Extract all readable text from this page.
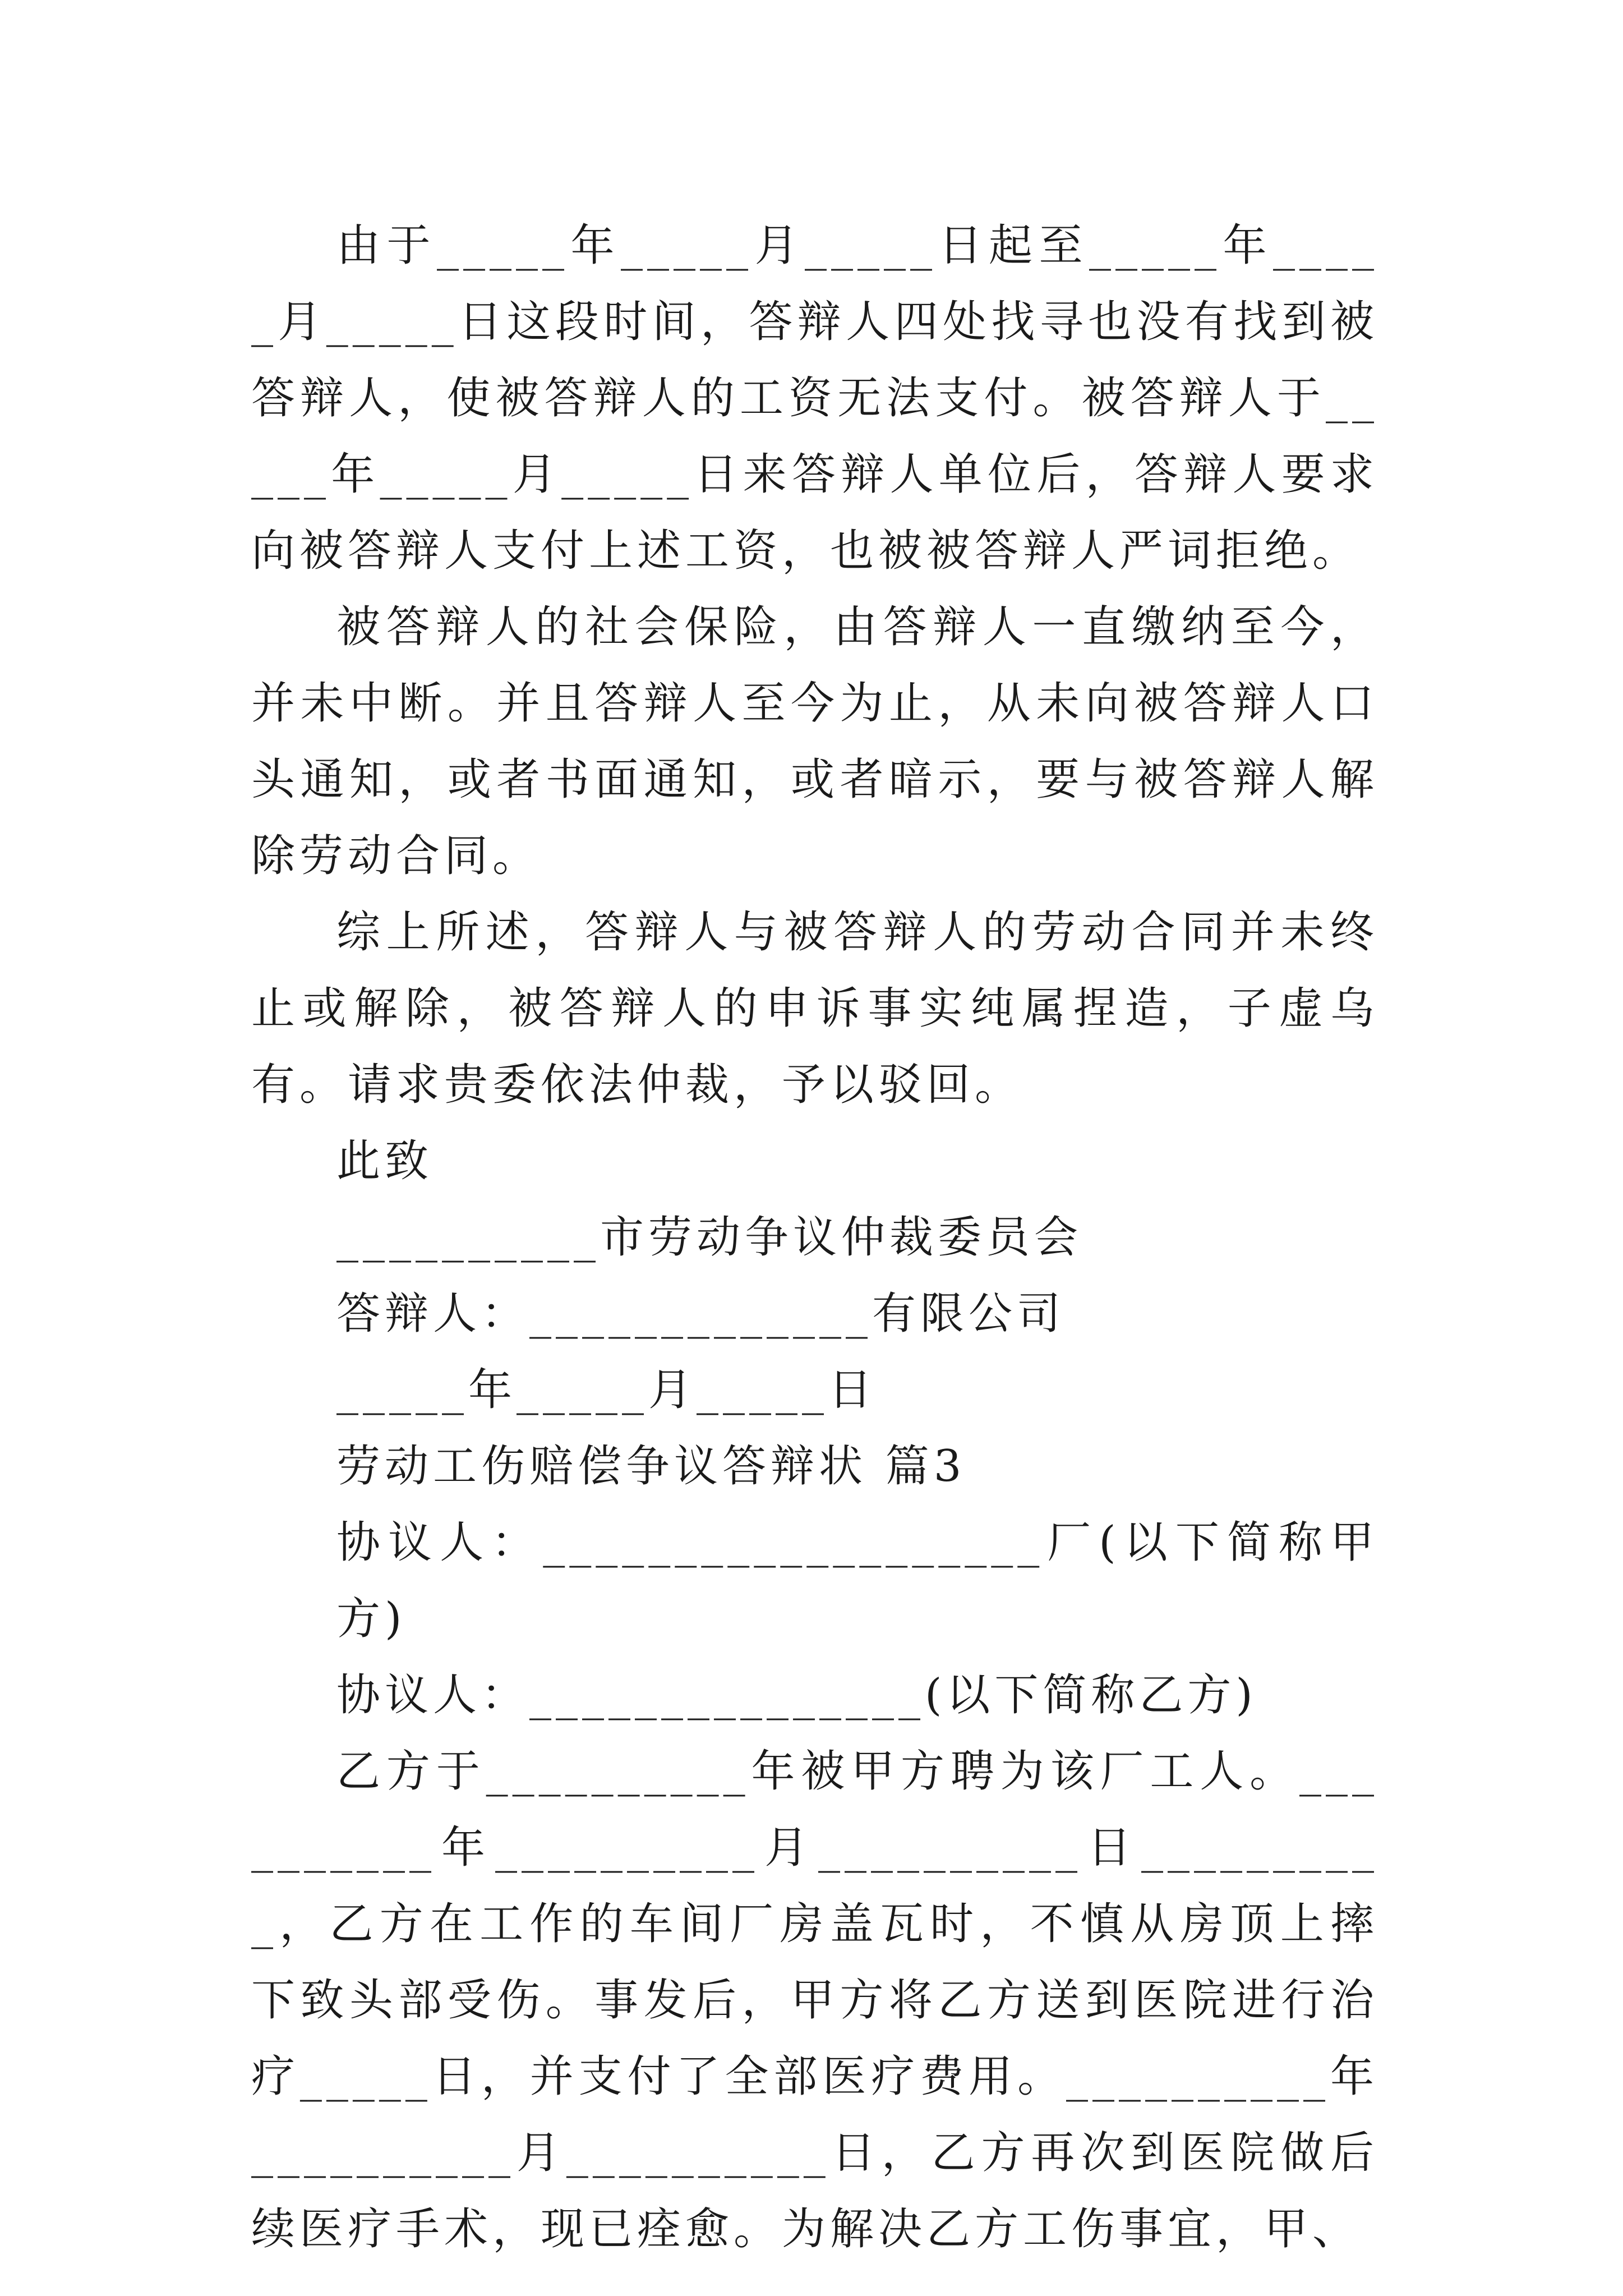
由于_____年_____月_____日起至_____年_____月_____日这段时间，答辩人四处找寻也没有找到被答辩人，使被答辩人的工资无法支付。被答辩人于_____年_____月_____日来答辩人单位后，答辩人要求向被答辩人支付上述工资，也被被答辩人严词拒绝。

被答辩人的社会保险，由答辩人一直缴纳至今，并未中断。并且答辩人至今为止，从未向被答辩人口头通知，或者书面通知，或者暗示，要与被答辩人解除劳动合同。

综上所述，答辩人与被答辩人的劳动合同并未终止或解除，被答辩人的申诉事实纯属捏造，子虚乌有。请求贵委依法仲裁，予以驳回。

此致

__________市劳动争议仲裁委员会

答辩人：_____________有限公司

_____年_____月_____日

劳动工伤赔偿争议答辩状 篇3

协议人：___________________厂(以下简称甲方)

协议人：_______________(以下简称乙方)

乙方于__________年被甲方聘为该厂工人。__________年__________月__________日__________，乙方在工作的车间厂房盖瓦时，不慎从房顶上摔下致头部受伤。事发后，甲方将乙方送到医院进行治疗_____日，并支付了全部医疗费用。__________年__________月__________日，乙方再次到医院做后续医疗手术，现已痊愈。为解决乙方工伤事宜，甲、
